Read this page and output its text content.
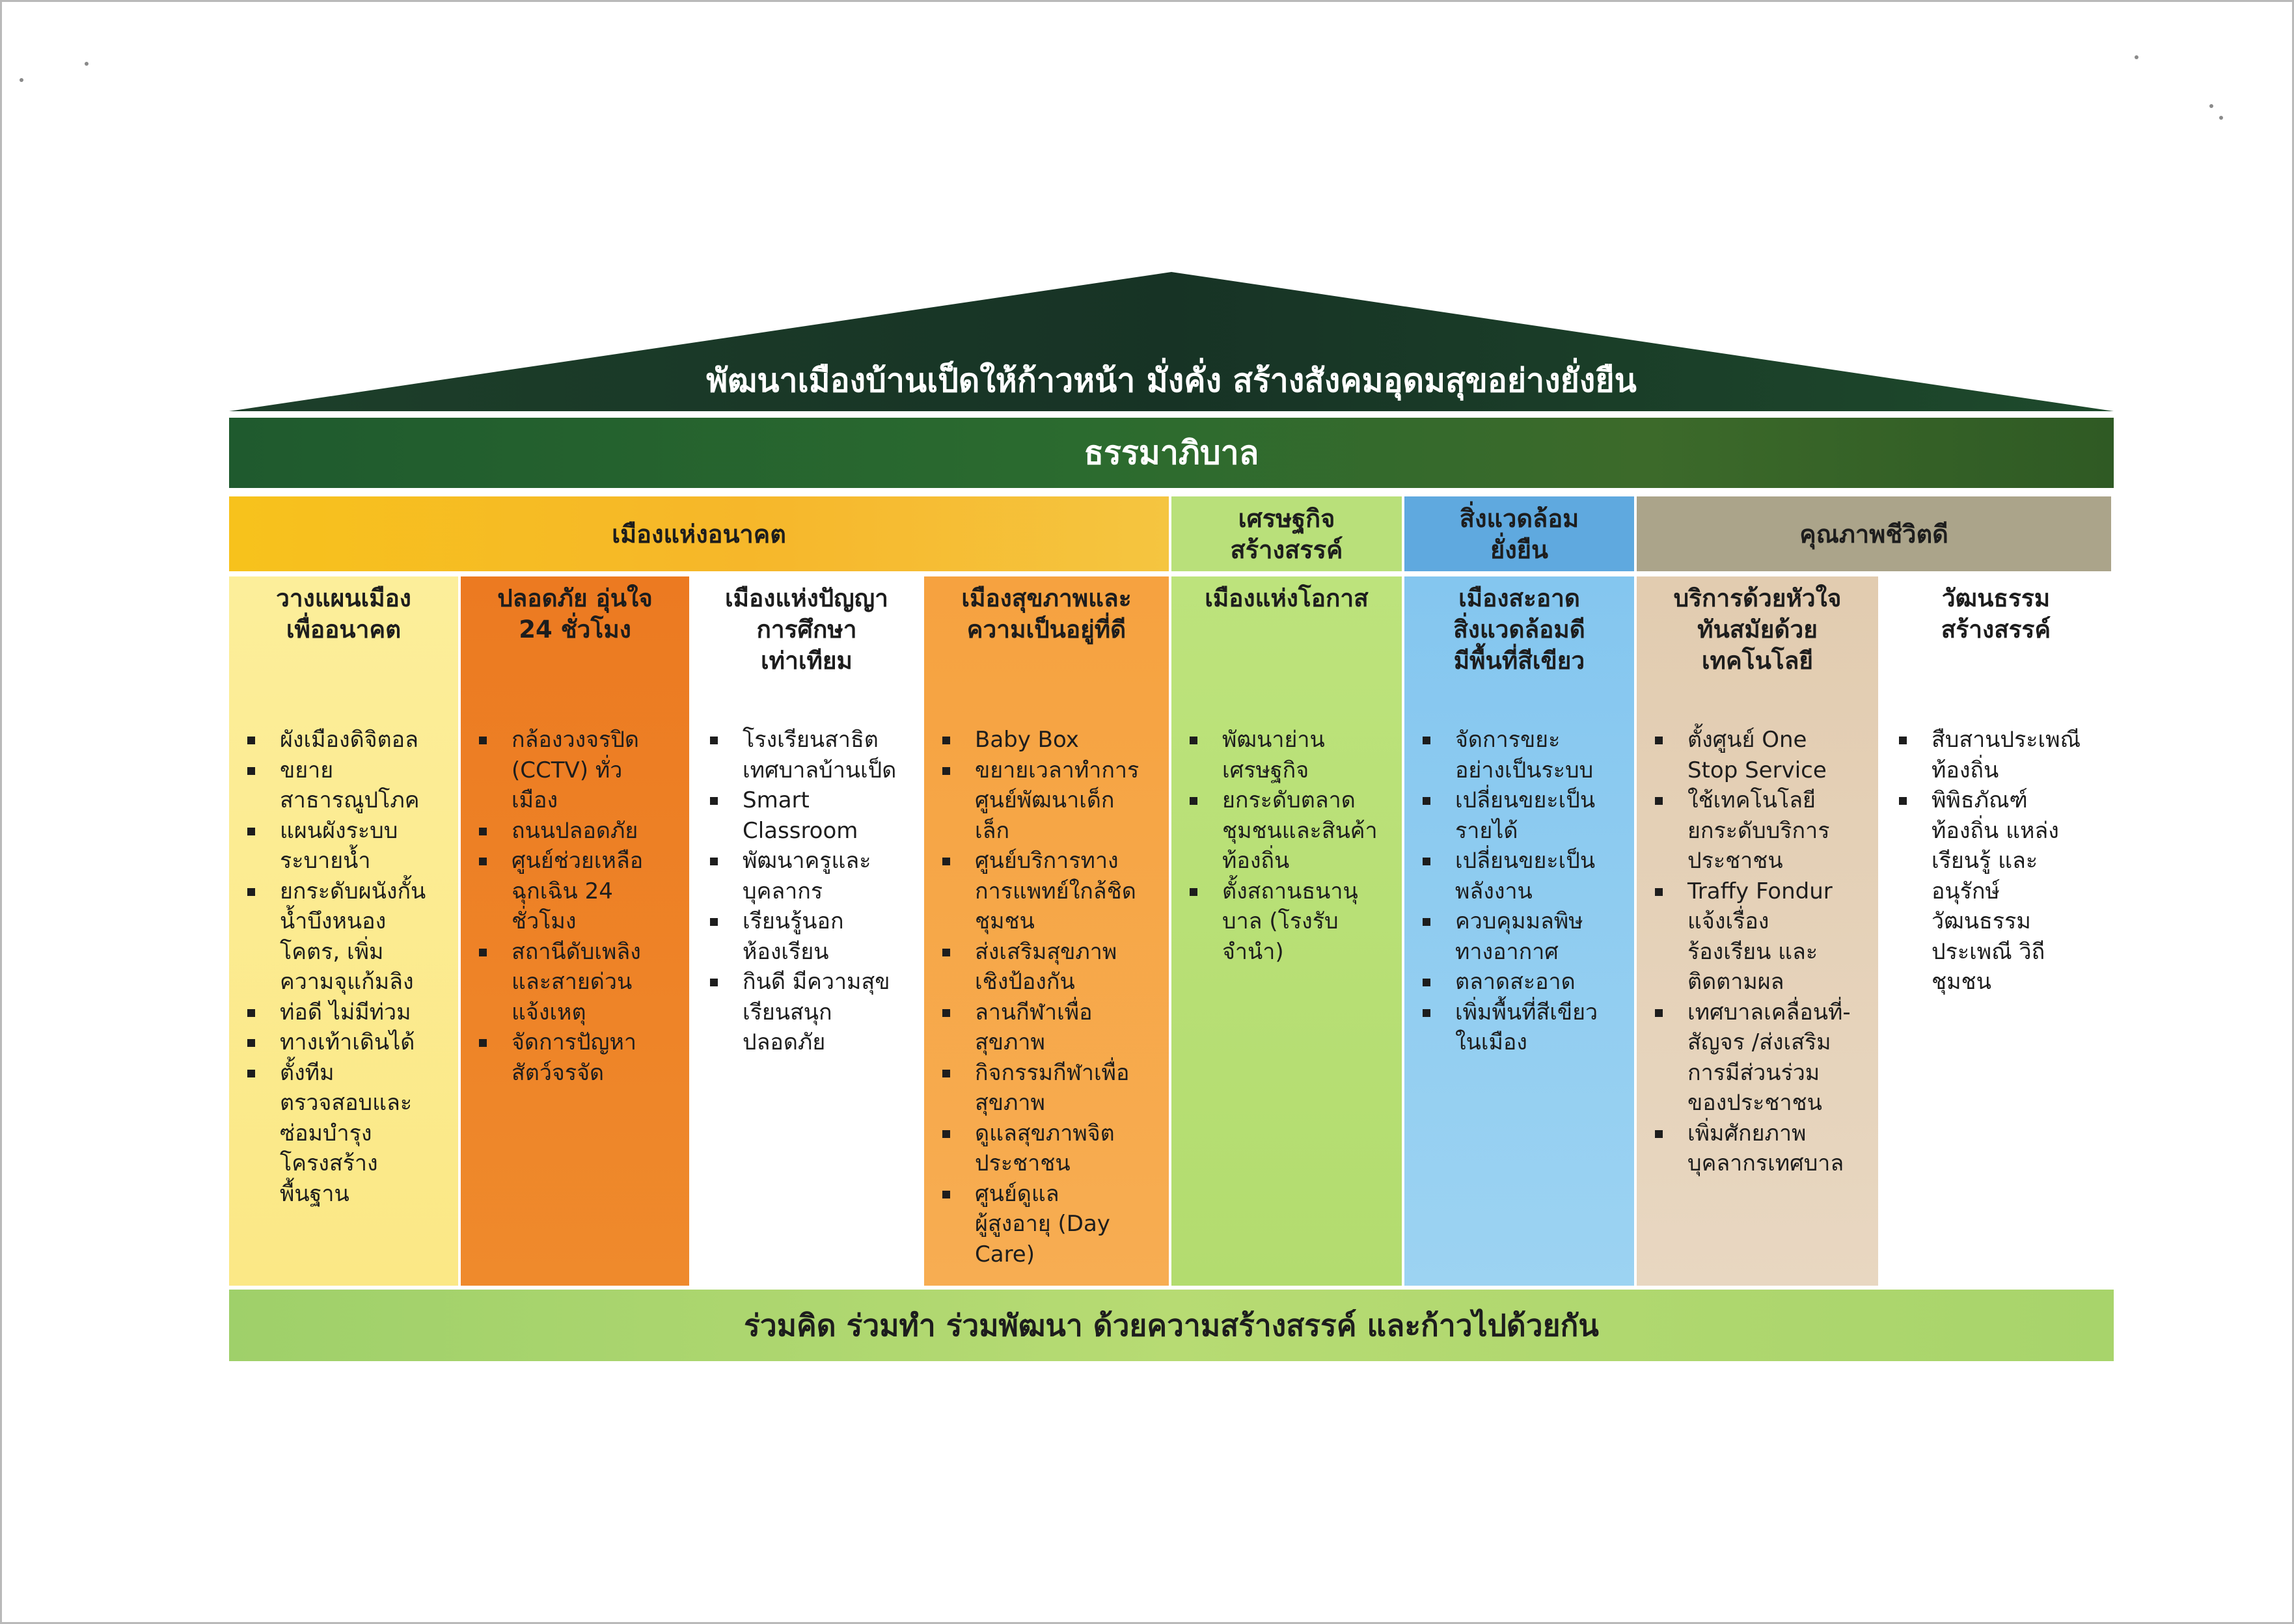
พัฒนาเมืองบ้านเป็ดให้ก้าวหน้า มั่งคั่ง สร้างสังคมอุดมสุขอย่างยั่งยืน
ธรรมาภิบาล
เมืองแห่งอนาคต
เศรษฐกิจ
สร้างสรรค์
สิ่งแวดล้อม
ยั่งยืน
คุณภาพชีวิตดี
วางแผนเมือง
เพื่ออนาคต
ผังเมืองดิจิตอล
ขยาย
สาธารณูปโภค
แผนผังระบบ
ระบายน้ำ
ยกระดับผนังกั้น
น้ำบึงหนอง
โคตร, เพิ่ม
ความจุแก้มลิง
ท่อดี ไม่มีท่วม
ทางเท้าเดินได้
ตั้งทีม
ตรวจสอบและ
ซ่อมบำรุง
โครงสร้าง
พื้นฐาน
ปลอดภัย อุ่นใจ
24 ชั่วโมง
กล้องวงจรปิด
(CCTV) ทั่ว
เมือง
ถนนปลอดภัย
ศูนย์ช่วยเหลือ
ฉุกเฉิน 24
ชั่วโมง
สถานีดับเพลิง
และสายด่วน
แจ้งเหตุ
จัดการปัญหา
สัตว์จรจัด
เมืองแห่งปัญญา
การศึกษา
เท่าเทียม
โรงเรียนสาธิต
เทศบาลบ้านเป็ด
Smart
Classroom
พัฒนาครูและ
บุคลากร
เรียนรู้นอก
ห้องเรียน
กินดี มีความสุข
เรียนสนุก
ปลอดภัย
เมืองสุขภาพและ
ความเป็นอยู่ที่ดี
Baby Box
ขยายเวลาทำการ
ศูนย์พัฒนาเด็ก
เล็ก
ศูนย์บริการทาง
การแพทย์ใกล้ชิด
ชุมชน
ส่งเสริมสุขภาพ
เชิงป้องกัน
ลานกีฬาเพื่อ
สุขภาพ
กิจกรรมกีฬาเพื่อ
สุขภาพ
ดูแลสุขภาพจิต
ประชาชน
ศูนย์ดูแล
ผู้สูงอายุ (Day
Care)
เมืองแห่งโอกาส
พัฒนาย่าน
เศรษฐกิจ
ยกระดับตลาด
ชุมชนและสินค้า
ท้องถิ่น
ตั้งสถานธนานุ
บาล (โรงรับ
จำนำ)
เมืองสะอาด
สิ่งแวดล้อมดี
มีพื้นที่สีเขียว
จัดการขยะ
อย่างเป็นระบบ
เปลี่ยนขยะเป็น
รายได้
เปลี่ยนขยะเป็น
พลังงาน
ควบคุมมลพิษ
ทางอากาศ
ตลาดสะอาด
เพิ่มพื้นที่สีเขียว
ในเมือง
บริการด้วยหัวใจ
ทันสมัยด้วย
เทคโนโลยี
ตั้งศูนย์ One
Stop Service
ใช้เทคโนโลยี
ยกระดับบริการ
ประชาชน
Traffy Fondur
แจ้งเรื่อง
ร้องเรียน และ
ติดตามผล
เทศบาลเคลื่อนที่-
สัญจร /ส่งเสริม
การมีส่วนร่วม
ของประชาชน
เพิ่มศักยภาพ
บุคลากรเทศบาล
วัฒนธรรม
สร้างสรรค์
สืบสานประเพณี
ท้องถิ่น
พิพิธภัณฑ์
ท้องถิ่น แหล่ง
เรียนรู้ และ
อนุรักษ์
วัฒนธรรม
ประเพณี วิถี
ชุมชน
ร่วมคิด ร่วมทำ ร่วมพัฒนา ด้วยความสร้างสรรค์ และก้าวไปด้วยกัน
